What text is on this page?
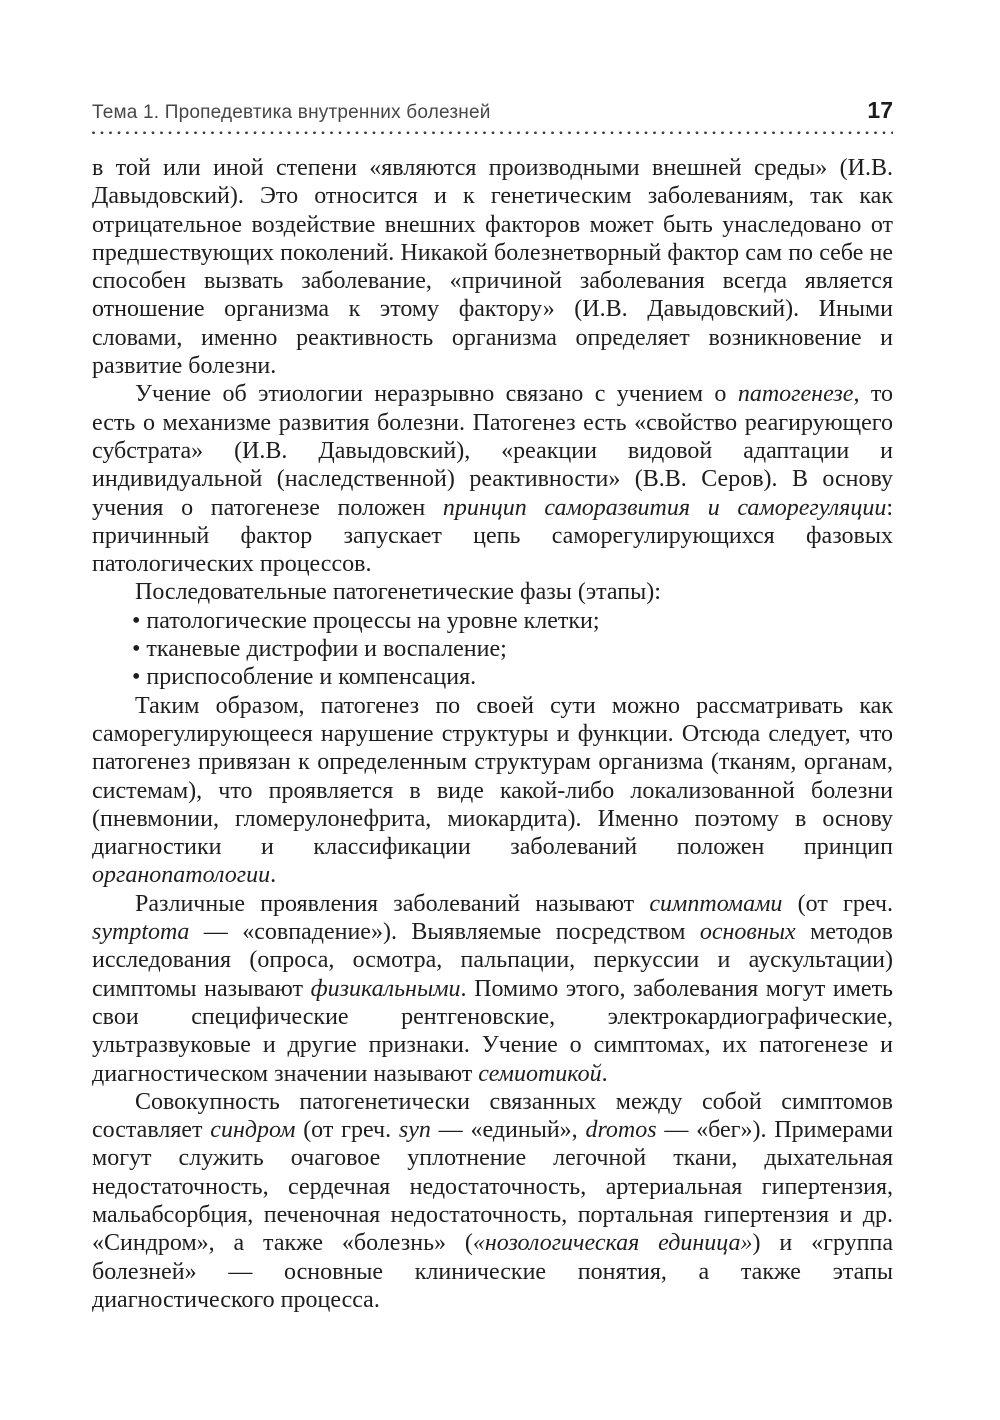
Тема 1. Пропедевтика внутренних болезней	17

в той или иной степени «являются производными внешней среды» (И.В. Давыдовский). Это относится и к генетическим заболеваниям, так как отрицательное воздействие внешних факторов может быть унаследовано от предшествующих поколений. Никакой болезнетворный фактор сам по себе не способен вызвать заболевание, «причиной заболевания всегда является отношение организма к этому фактору» (И.В. Давыдовский). Иными словами, именно реактивность организма определяет возникновение и развитие болезни.

Учение об этиологии неразрывно связано с учением о патогенезе, то есть о механизме развития болезни. Патогенез есть «свойство реагирующего субстрата» (И.В. Давыдовский), «реакции видовой адаптации и индивидуальной (наследственной) реактивности» (В.В. Серов). В основу учения о патогенезе положен принцип саморазвития и саморегуляции: причинный фактор запускает цепь саморегулирующихся фазовых патологических процессов.

Последовательные патогенетические фазы (этапы):

• патологические процессы на уровне клетки;

• тканевые дистрофии и воспаление;

• приспособление и компенсация.

Таким образом, патогенез по своей сути можно рассматривать как саморегулирующееся нарушение структуры и функции. Отсюда следует, что патогенез привязан к определенным структурам организма (тканям, органам, системам), что проявляется в виде какой-либо локализованной болезни (пневмонии, гломерулонефрита, миокардита). Именно поэтому в основу диагностики и классификации заболеваний положен принцип органопатологии.

Различные проявления заболеваний называют симптомами (от греч. symptoma — «совпадение»). Выявляемые посредством основных методов исследования (опроса, осмотра, пальпации, перкуссии и аускультации) симптомы называют физикальными. Помимо этого, заболевания могут иметь свои специфические рентгеновские, электрокардиографические, ультразвуковые и другие признаки. Учение о симптомах, их патогенезе и диагностическом значении называют семиотикой.

Совокупность патогенетически связанных между собой симптомов составляет синдром (от греч. syn — «единый», dromos — «бег»). Примерами могут служить очаговое уплотнение легочной ткани, дыхательная недостаточность, сердечная недостаточность, артериальная гипертензия, мальабсорбция, печеночная недостаточность, портальная гипертензия и др. «Синдром», а также «болезнь» («нозологическая единица») и «группа болезней» — основные клинические понятия, а также этапы диагностического процесса.
